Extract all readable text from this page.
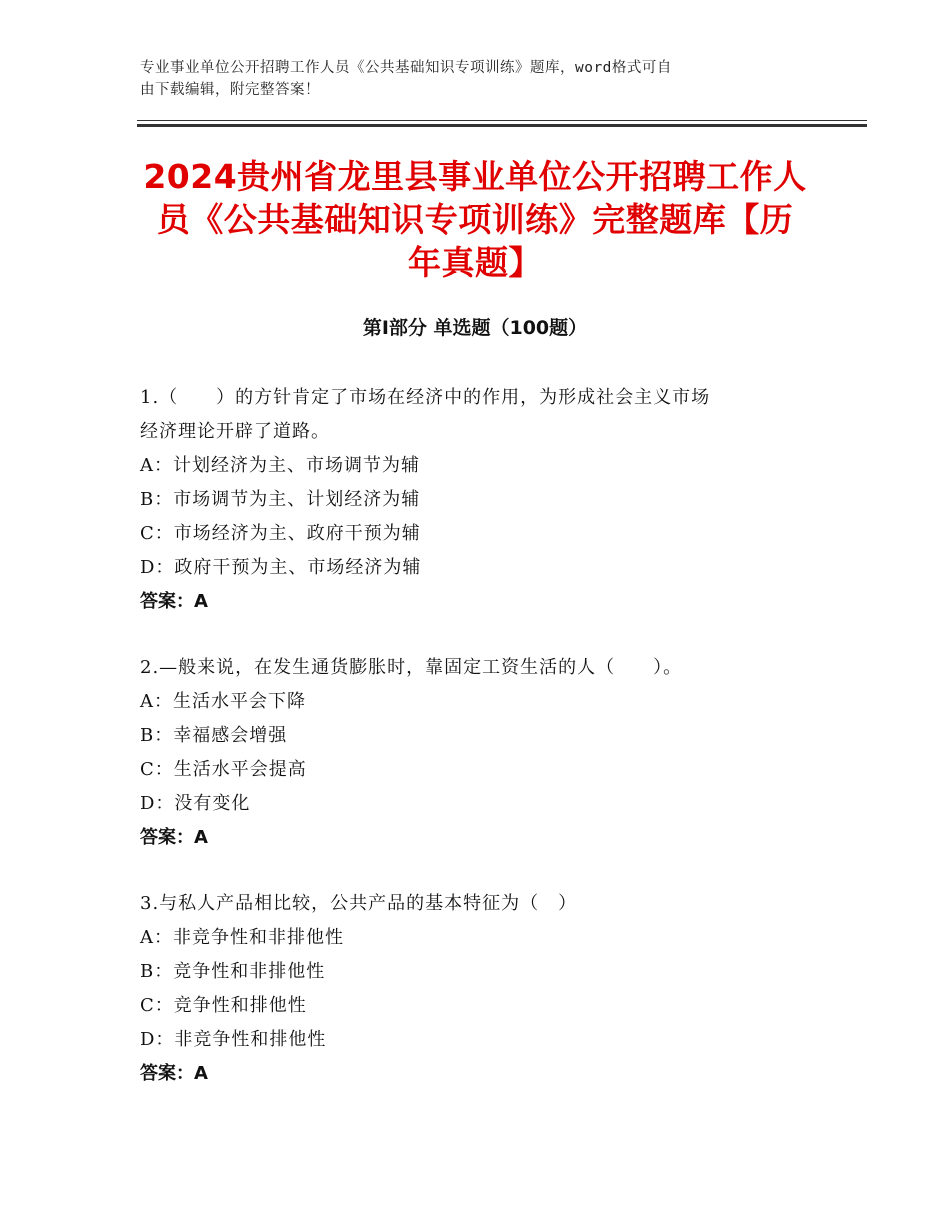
专业事业单位公开招聘工作人员《公共基础知识专项训练》题库，word格式可自
由下载编辑，附完整答案！
2024贵州省龙里县事业单位公开招聘工作人
员《公共基础知识专项训练》完整题库【历
年真题】
第Ⅰ部分 单选题（100题）
1.（　　）的方针肯定了市场在经济中的作用，为形成社会主义市场
经济理论开辟了道路。
A：计划经济为主、市场调节为辅
B：市场调节为主、计划经济为辅
C：市场经济为主、政府干预为辅
D：政府干预为主、市场经济为辅
答案：A
2.—般来说，在发生通货膨胀时，靠固定工资生活的人（　　）。
A：生活水平会下降
B：幸福感会增强
C：生活水平会提高
D：没有变化
答案：A
3.与私人产品相比较，公共产品的基本特征为（　）
A：非竞争性和非排他性
B：竞争性和非排他性
C：竞争性和排他性
D：非竞争性和排他性
答案：A
